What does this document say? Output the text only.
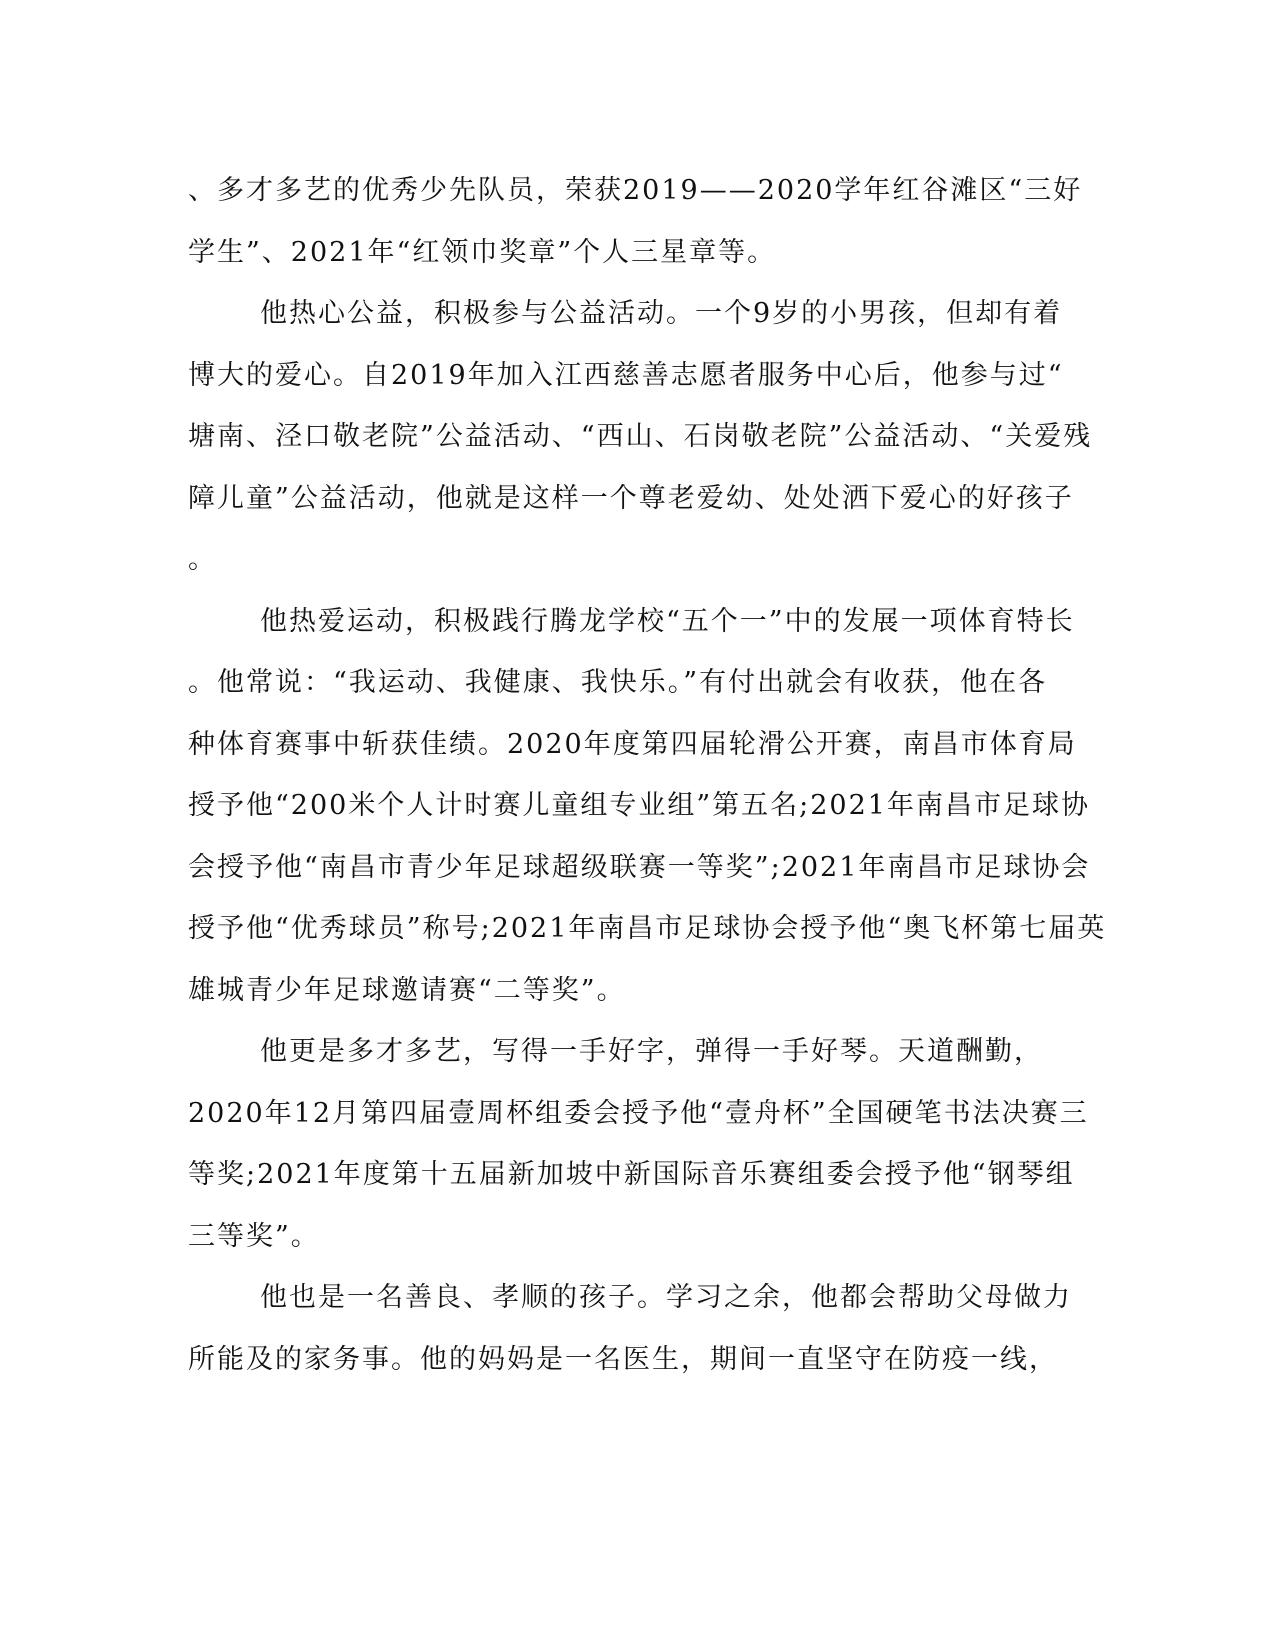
、多才多艺的优秀少先队员，荣获2019——2020学年红谷滩区“三好
学生”、2021年“红领巾奖章”个人三星章等。
他热心公益，积极参与公益活动。一个9岁的小男孩，但却有着
博大的爱心。自2019年加入江西慈善志愿者服务中心后，他参与过“
塘南、泾口敬老院”公益活动、“西山、石岗敬老院”公益活动、“关爱残
障儿童”公益活动，他就是这样一个尊老爱幼、处处洒下爱心的好孩子
。
他热爱运动，积极践行腾龙学校“五个一”中的发展一项体育特长
。他常说：“我运动、我健康、我快乐。”有付出就会有收获，他在各
种体育赛事中斩获佳绩。2020年度第四届轮滑公开赛，南昌市体育局
授予他“200米个人计时赛儿童组专业组”第五名;2021年南昌市足球协
会授予他“南昌市青少年足球超级联赛一等奖”;2021年南昌市足球协会
授予他“优秀球员”称号;2021年南昌市足球协会授予他“奥飞杯第七届英
雄城青少年足球邀请赛“二等奖”。
他更是多才多艺，写得一手好字，弹得一手好琴。天道酬勤，
2020年12月第四届壹周杯组委会授予他“壹舟杯”全国硬笔书法决赛三
等奖;2021年度第十五届新加坡中新国际音乐赛组委会授予他“钢琴组
三等奖”。
他也是一名善良、孝顺的孩子。学习之余，他都会帮助父母做力
所能及的家务事。他的妈妈是一名医生，期间一直坚守在防疫一线，
